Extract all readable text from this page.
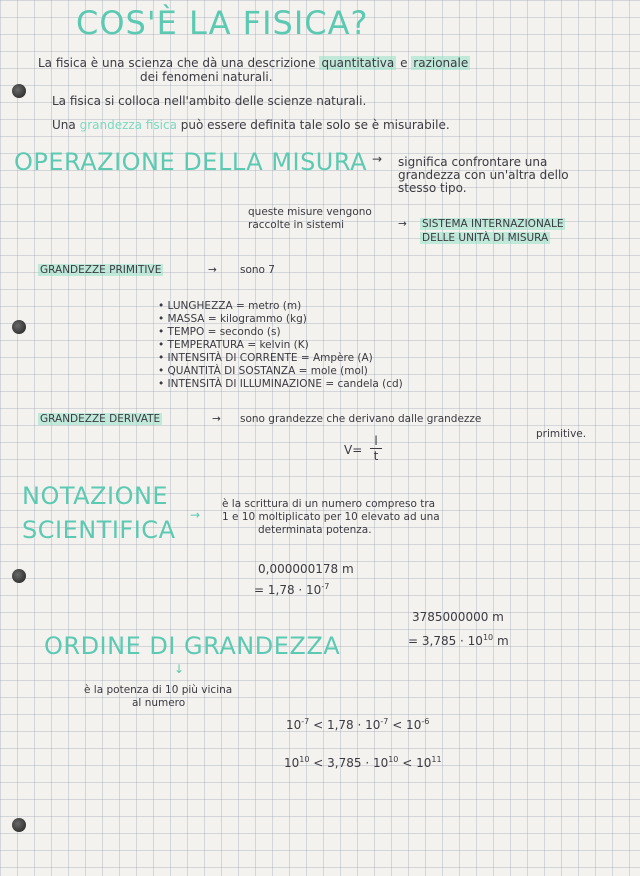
COS'È LA FISICA?
La fisica è una scienza che dà una descrizione quantitativa e razionale
dei fenomeni naturali.
La fisica si colloca nell'ambito delle scienze naturali.
Una grandezza fisica può essere definita tale solo se è misurabile.
OPERAZIONE DELLA MISURA → significa confrontare una
grandezza con un'altra dello
stesso tipo.
queste misure vengono
raccolte in sistemi	→ SISTEMA INTERNAZIONALE
DELLE UNITÀ DI MISURA
GRANDEZZE PRIMITIVE	→ sono 7
• LUNGHEZZA = metro (m)
• MASSA = kilogrammo (kg)
• TEMPO = secondo (s)
• TEMPERATURA = kelvin (K)
• INTENSITÀ DI CORRENTE = Ampère (A)
• QUANTITÀ DI SOSTANZA = mole (mol)
• INTENSITÀ DI ILLUMINAZIONE = candela (cd)
GRANDEZZE DERIVATE	→ sono grandezze che derivano dalle grandezze
primitive.
V=
l
t
NOTAZIONE
SCIENTIFICA
→
è la scrittura di un numero compreso tra
1 e 10 moltiplicato per 10 elevato ad una
determinata potenza.
0,000000178 m
= $1,78 \cdot 10^{-7}$
3785000000 m
= $3,785 \cdot 10^{10}$ m
ORDINE DI GRANDEZZA
↓
è la potenza di 10 più vicina
al numero
$10^{-7} < 1,78 \cdot 10^{-7} < 10^{-6}$
$10^{10} < 3,785 \cdot 10^{10} < 10^{11}$
